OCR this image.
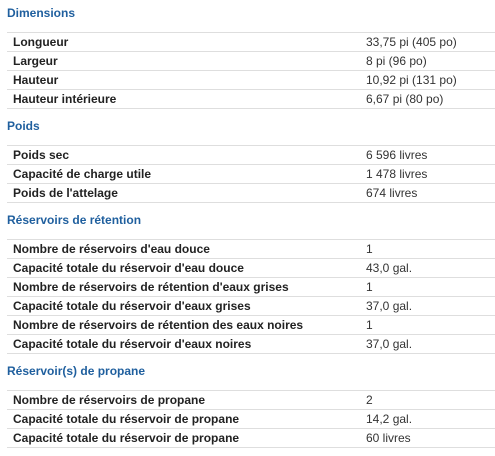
Dimensions
Longueur	33,75 pi (405 po)
Largeur	8 pi (96 po)
Hauteur	10,92 pi (131 po)
Hauteur intérieure	6,67 pi (80 po)
Poids
Poids sec	6 596 livres
Capacité de charge utile	1 478 livres
Poids de l'attelage	674 livres
Réservoirs de rétention
Nombre de réservoirs d'eau douce	1
Capacité totale du réservoir d'eau douce	43,0 gal.
Nombre de réservoirs de rétention d'eaux grises	1
Capacité totale du réservoir d'eaux grises	37,0 gal.
Nombre de réservoirs de rétention des eaux noires	1
Capacité totale du réservoir d'eaux noires	37,0 gal.
Réservoir(s) de propane
Nombre de réservoirs de propane	2
Capacité totale du réservoir de propane	14,2 gal.
Capacité totale du réservoir de propane	60 livres
